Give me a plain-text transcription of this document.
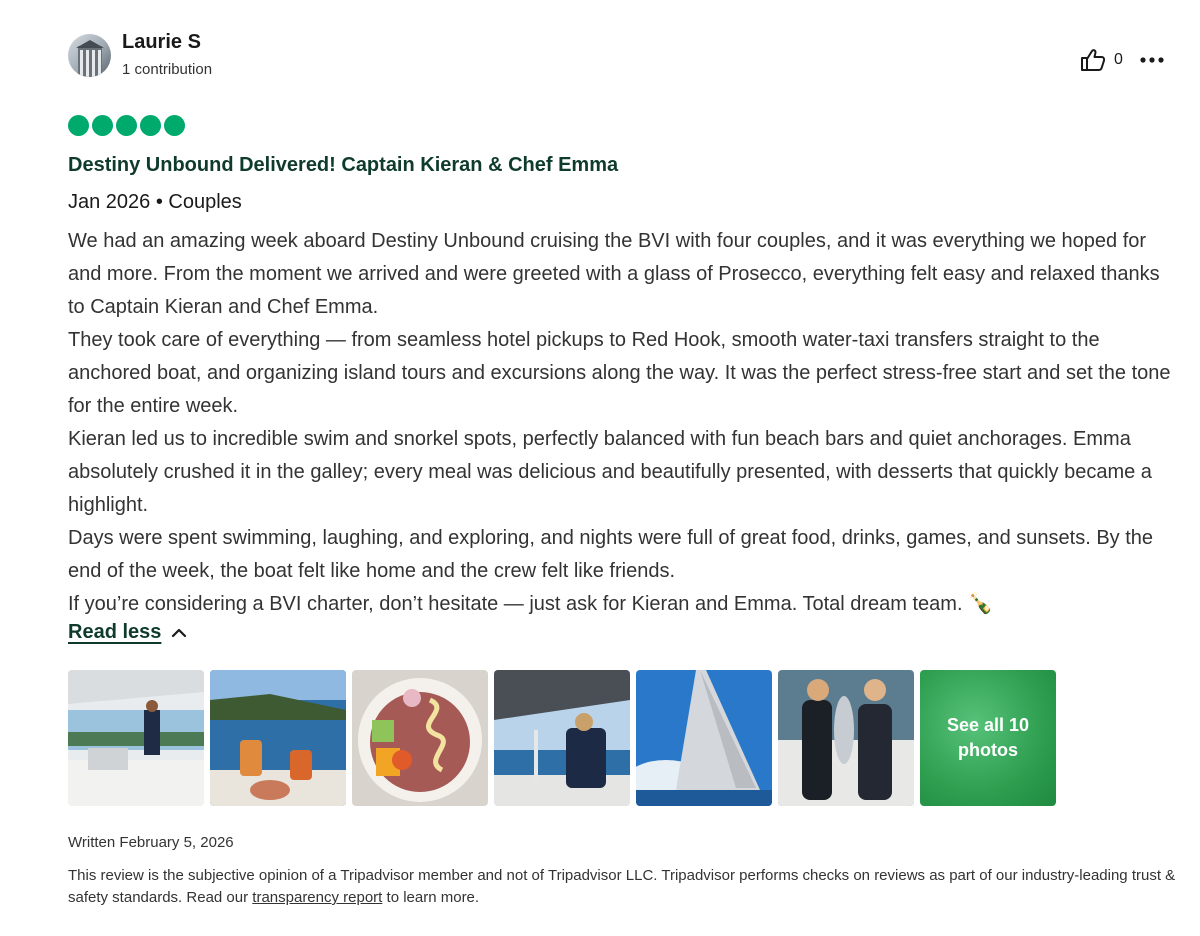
Laurie S
1 contribution
0
Destiny Unbound Delivered! Captain Kieran & Chef Emma
Jan 2026 • Couples

We had an amazing week aboard Destiny Unbound cruising the BVI with four couples, and it was everything we hoped for and more. From the moment we arrived and were greeted with a glass of Prosecco, everything felt easy and relaxed thanks to Captain Kieran and Chef Emma.

They took care of everything — from seamless hotel pickups to Red Hook, smooth water-taxi transfers straight to the anchored boat, and organizing island tours and excursions along the way. It was the perfect stress-free start and set the tone for the entire week.

Kieran led us to incredible swim and snorkel spots, perfectly balanced with fun beach bars and quiet anchorages. Emma absolutely crushed it in the galley; every meal was delicious and beautifully presented, with desserts that quickly became a highlight.

Days were spent swimming, laughing, and exploring, and nights were full of great food, drinks, games, and sunsets. By the end of the week, the boat felt like home and the crew felt like friends.

If you’re considering a BVI charter, don’t hesitate — just ask for Kieran and Emma. Total dream team. 🍾

Read less
See all 10 photos
Written February 5, 2026
This review is the subjective opinion of a Tripadvisor member and not of Tripadvisor LLC. Tripadvisor performs checks on reviews as part of our industry-leading trust & safety standards. Read our transparency report to learn more.
